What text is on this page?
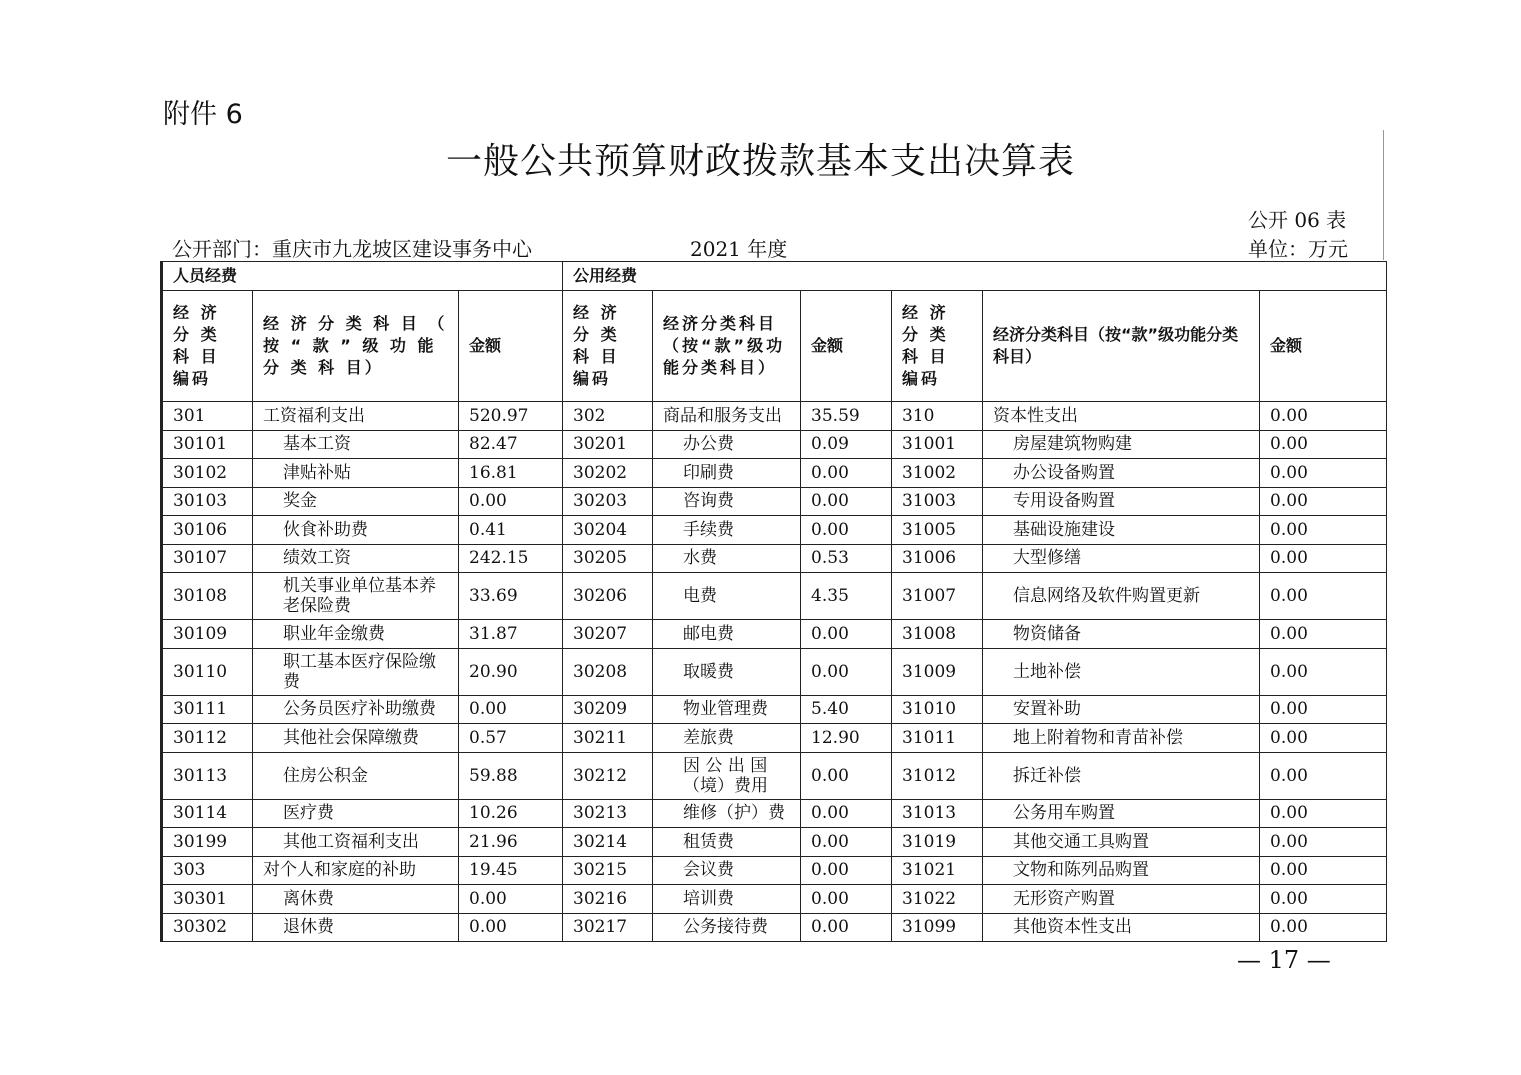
附件 6
一般公共预算财政拨款基本支出决算表
公开 06 表
公开部门：重庆市九龙坡区建设事务中心	2021 年度	单位：万元
人员经费			公用经费					
经 济 分 类 科 目 编码	经 济 分 类 科 目 （ 按 “ 款 ” 级 功 能 分 类 科 目）	金额	经 济 分 类 科 目 编码	经济分类科目（按“款”级功能分类科目）	金额	经 济 分 类 科 目 编码	经济分类科目（按“款”级功能分类科目）	金额
301	工资福利支出	520.97	302	商品和服务支出	35.59	310	资本性支出	0.00
30101	基本工资	82.47	30201	办公费	0.09	31001	房屋建筑物购建	0.00
30102	津贴补贴	16.81	30202	印刷费	0.00	31002	办公设备购置	0.00
30103	奖金	0.00	30203	咨询费	0.00	31003	专用设备购置	0.00
30106	伙食补助费	0.41	30204	手续费	0.00	31005	基础设施建设	0.00
30107	绩效工资	242.15	30205	水费	0.53	31006	大型修缮	0.00
30108	机关事业单位基本养老保险费	33.69	30206	电费	4.35	31007	信息网络及软件购置更新	0.00
30109	职业年金缴费	31.87	30207	邮电费	0.00	31008	物资储备	0.00
30110	职工基本医疗保险缴费	20.90	30208	取暖费	0.00	31009	土地补偿	0.00
30111	公务员医疗补助缴费	0.00	30209	物业管理费	5.40	31010	安置补助	0.00
30112	其他社会保障缴费	0.57	30211	差旅费	12.90	31011	地上附着物和青苗补偿	0.00
30113	住房公积金	59.88	30212	因 公 出 国（境）费用	0.00	31012	拆迁补偿	0.00
30114	医疗费	10.26	30213	维修（护）费	0.00	31013	公务用车购置	0.00
30199	其他工资福利支出	21.96	30214	租赁费	0.00	31019	其他交通工具购置	0.00
303	对个人和家庭的补助	19.45	30215	会议费	0.00	31021	文物和陈列品购置	0.00
30301	离休费	0.00	30216	培训费	0.00	31022	无形资产购置	0.00
30302	退休费	0.00	30217	公务接待费	0.00	31099	其他资本性支出	0.00
— 17 —
